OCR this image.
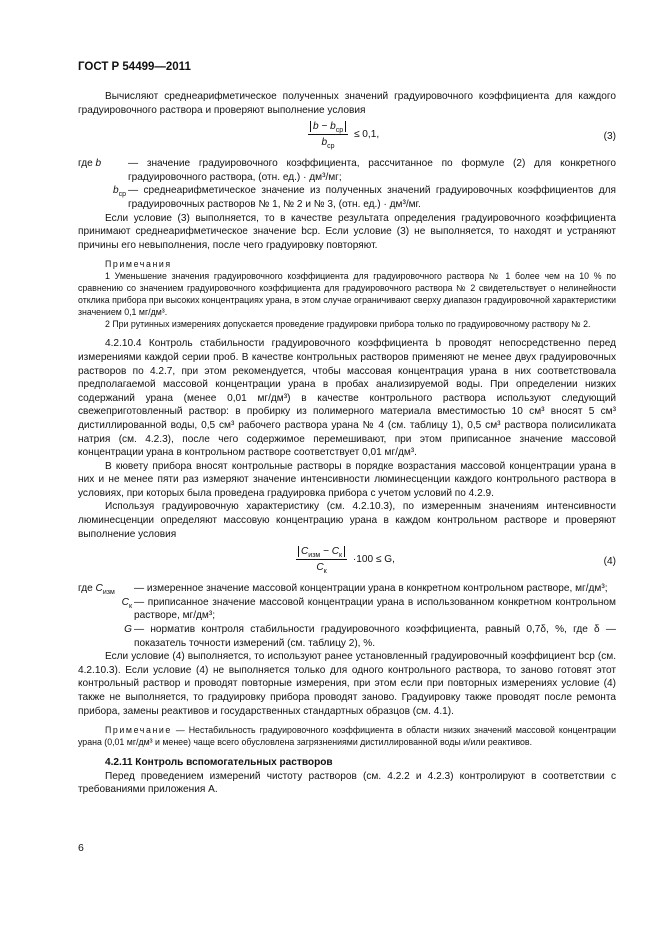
ГОСТ Р 54499—2011

Вычисляют среднеарифметическое полученных значений градуировочного коэффициента для каждого градуировочного раствора и проверяют выполнение условия

$\frac{b - b_{ср}}{b_{ср}} \le 0,1$,	(3)
где b	— значение градуировочного коэффициента, рассчитанное по формуле (2) для конкретного градуировочного раствора, (отн. ед.) · дм³/мг;
$b_{ср}$ — среднеарифметическое значение из полученных значений градуировочных коэффициентов для градуировочных растворов № 1, № 2 и № 3, (отн. ед.) · дм³/мг.

Если условие (3) выполняется, то в качестве результата определения градуировочного коэффициента принимают среднеарифметическое значение bср. Если условие (3) не выполняется, то находят и устраняют причины его невыполнения, после чего градуировку повторяют.

Примечания

1 Уменьшение значения градуировочного коэффициента для градуировочного раствора № 1 более чем на 10 % по сравнению со значением градуировочного коэффициента для градуировочного раствора № 2 свидетельствует о нелинейности отклика прибора при высоких концентрациях урана, в этом случае ограничивают сверху диапазон градуировочной характеристики значением 0,1 мг/дм³.

2 При рутинных измерениях допускается проведение градуировки прибора только по градуировочному раствору № 2.

4.2.10.4 Контроль стабильности градуировочного коэффициента b проводят непосредственно перед измерениями каждой серии проб. В качестве контрольных растворов применяют не менее двух градуировочных растворов по 4.2.7, при этом рекомендуется, чтобы массовая концентрация урана в них соответствовала предполагаемой массовой концентрации урана в пробах анализируемой воды. При определении низких содержаний урана (менее 0,01 мг/дм³) в качестве контрольного раствора используют следующий свежеприготовленный раствор: в пробирку из полимерного материала вместимостью 10 см³ вносят 5 см³ дистиллированной воды, 0,5 см³ рабочего раствора урана № 4 (см. таблицу 1), 0,5 см³ раствора полисиликата натрия (см. 4.2.3), после чего содержимое перемешивают, при этом приписанное значение массовой концентрации урана в контрольном растворе соответствует 0,01 мг/дм³.

В кювету прибора вносят контрольные растворы в порядке возрастания массовой концентрации урана в них и не менее пяти раз измеряют значение интенсивности люминесценции каждого контрольного раствора в условиях, при которых была проведена градуировка прибора с учетом условий по 4.2.9.

Используя градуировочную характеристику (см. 4.2.10.3), по измеренным значениям интенсивности люминесценции определяют массовую концентрацию урана в каждом контрольном растворе и проверяют выполнение условия

$\frac{C_{изм} - C_к}{C_к} \cdot 100 \le G$,	(4)
где $C_{изм}$	— измеренное значение массовой концентрации урана в конкретном контрольном растворе, мг/дм³;
$C_к$ — приписанное значение массовой концентрации урана в использованном конкретном контрольном растворе, мг/дм³;
G — норматив контроля стабильности градуировочного коэффициента, равный 0,7δ, %, где δ — показатель точности измерений (см. таблицу 2), %.

Если условие (4) выполняется, то используют ранее установленный градуировочный коэффициент bср (см. 4.2.10.3). Если условие (4) не выполняется только для одного контрольного раствора, то заново готовят этот контрольный раствор и проводят повторные измерения, при этом если при повторных измерениях условие (4) также не выполняется, то градуировку прибора проводят заново. Градуировку также проводят после ремонта прибора, замены реактивов и государственных стандартных образцов (см. 4.1).

Примечание — Нестабильность градуировочного коэффициента в области низких значений массовой концентрации урана (0,01 мг/дм³ и менее) чаще всего обусловлена загрязнениями дистиллированной воды и/или реактивов.

4.2.11 Контроль вспомогательных растворов

Перед проведением измерений чистоту растворов (см. 4.2.2 и 4.2.3) контролируют в соответствии с требованиями приложения А.

6
